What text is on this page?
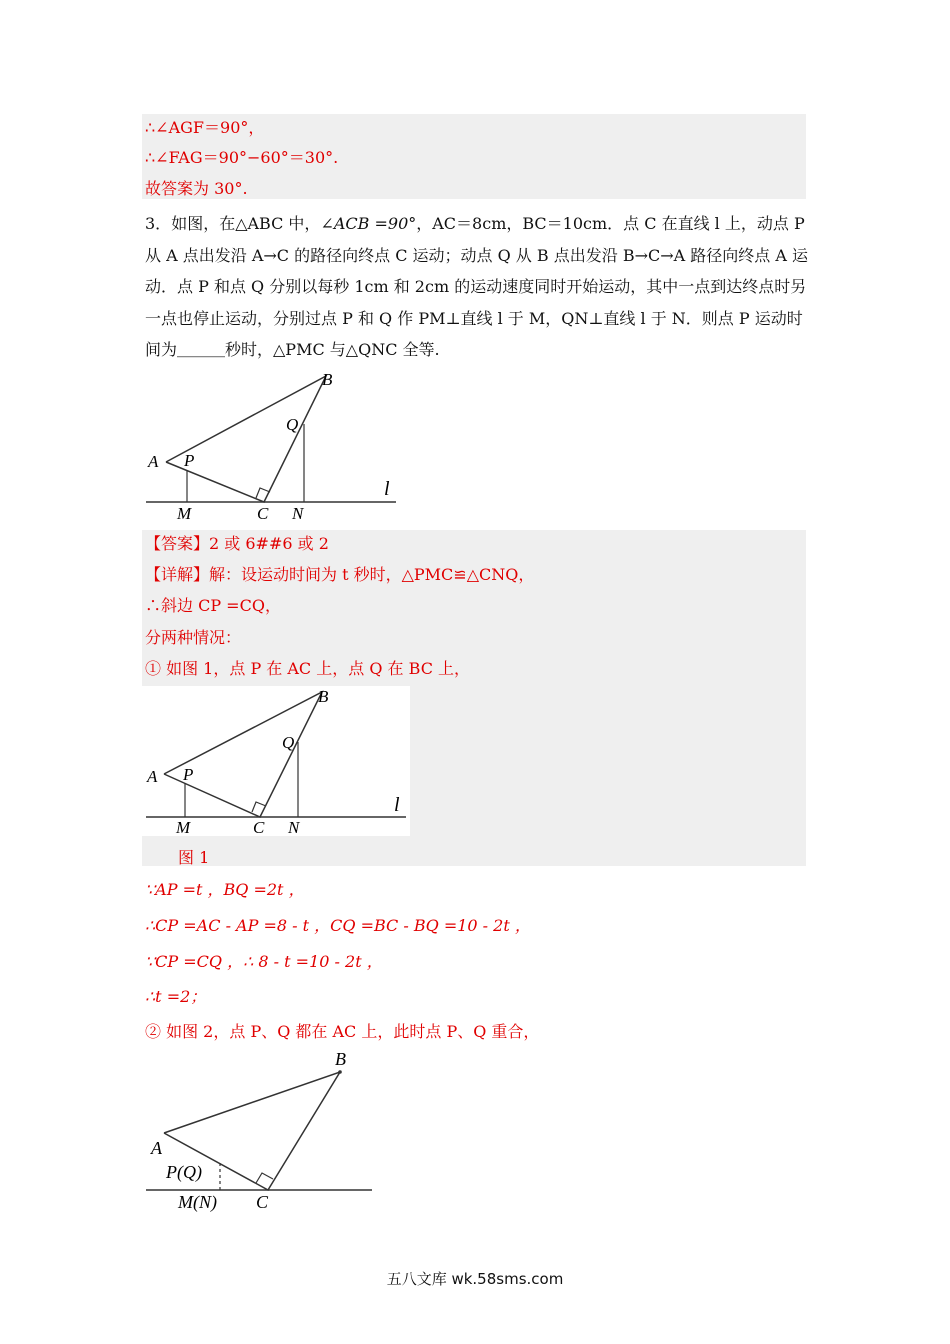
∴∠AGF＝90°，
∴∠FAG＝90°−60°＝30°.
故答案为 30°.
3．如图，在△ABC 中，∠ACB =90°，AC＝8cm，BC＝10cm．点 C 在直线 l 上，动点 P 从 A 点出发沿 A→C 的路径向终点 C 运动；动点 Q 从 B 点出发沿 B→C→A 路径向终点 A 运动．点 P 和点 Q 分别以每秒 1cm 和 2cm 的运动速度同时开始运动，其中一点到达终点时另一点也停止运动，分别过点 P 和 Q 作 PM⊥直线 l 于 M，QN⊥直线 l 于 N．则点 P 运动时间为＿＿＿秒时，△PMC 与△QNC 全等.
A P
B
Q
l
M	C N
【答案】2 或 6##6 或 2
【详解】解：设运动时间为 t 秒时，△PMC≌△CNQ，
∴斜边 CP =CQ，
分两种情况：
① 如图 1，点 P 在 AC 上，点 Q 在 BC 上，
A P
B
Q
l
M	C N
图 1
∵AP =t ，BQ =2t ，
∴CP =AC - AP =8 - t ，CQ =BC - BQ =10 - 2t ，
∵CP =CQ ，∴ 8 - t =10 - 2t ，
∴t =2；
② 如图 2，点 P、Q 都在 AC 上，此时点 P、Q 重合，
B
A
P(Q)
M(N) C
五八文库 wk.58sms.com
